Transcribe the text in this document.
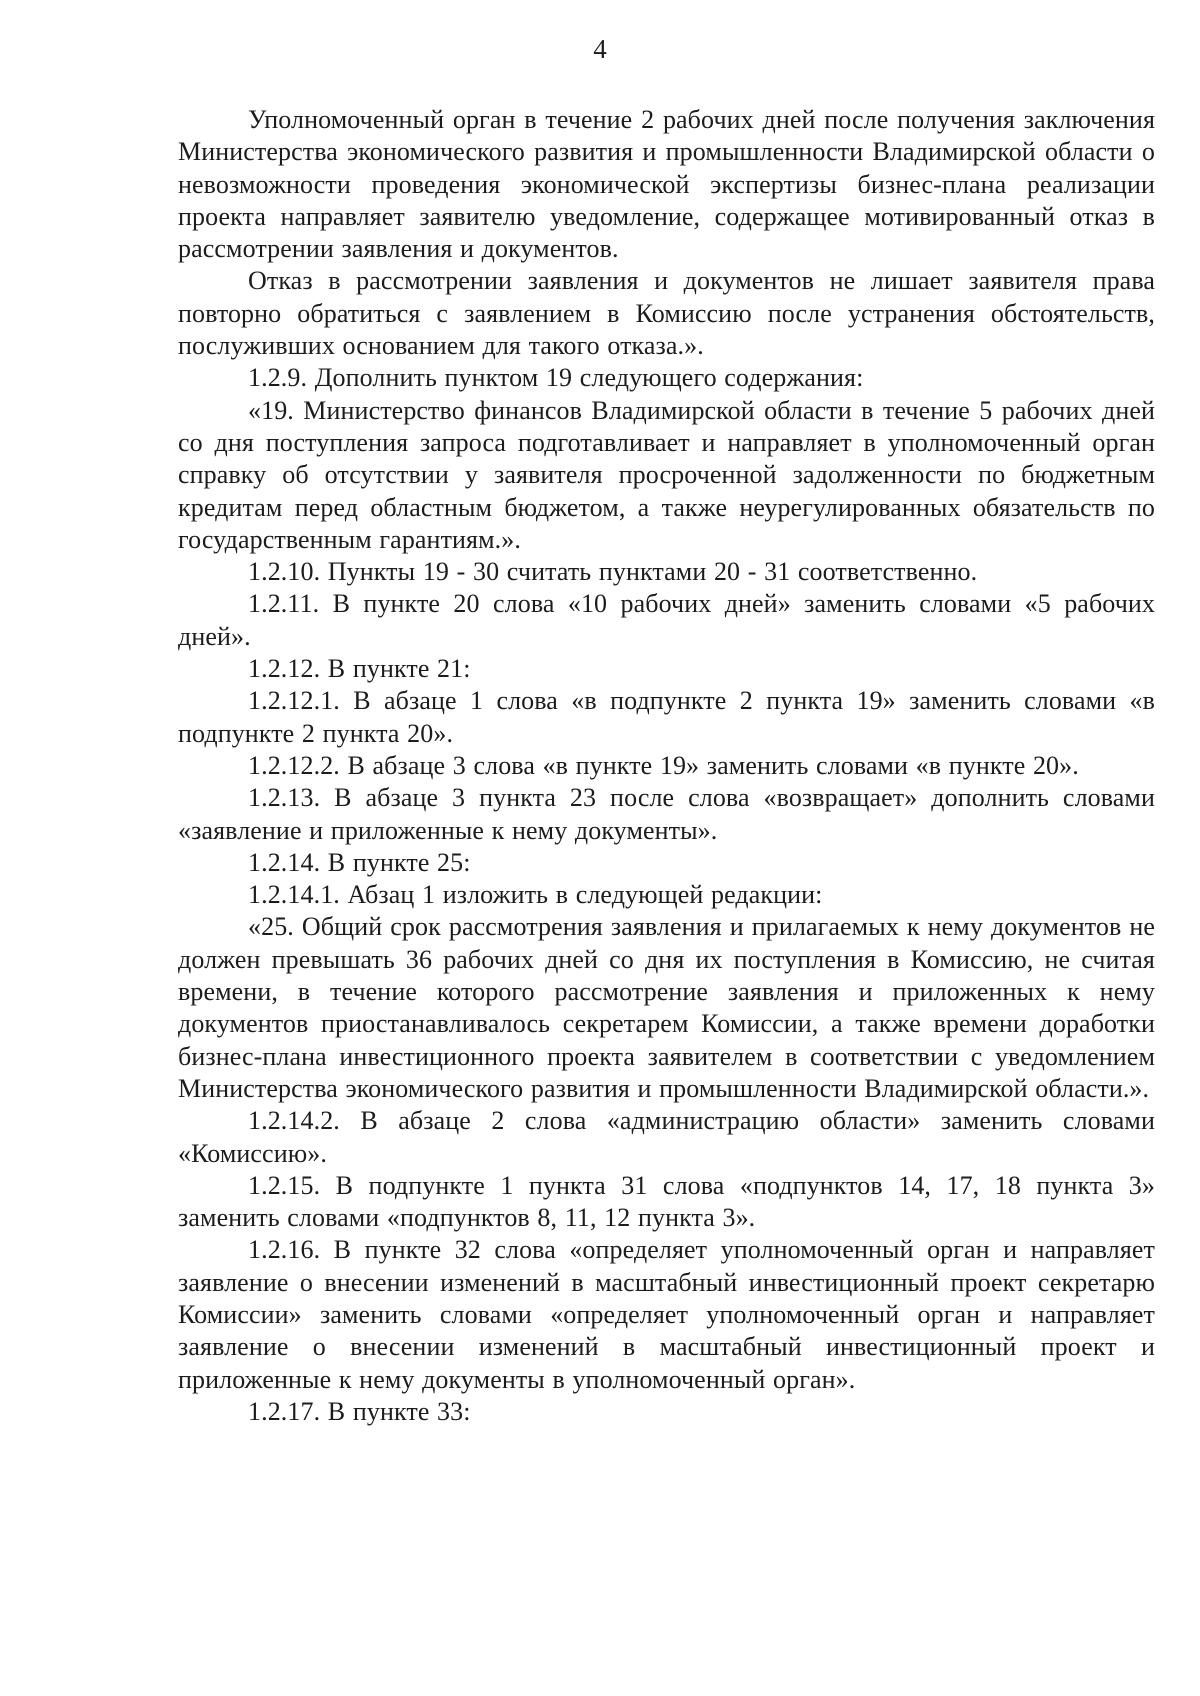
4

Уполномоченный орган в течение 2 рабочих дней после получения заключения Министерства экономического развития и промышленности Владимирской области о невозможности проведения экономической экспертизы бизнес-плана реализации проекта направляет заявителю уведомление, содержащее мотивированный отказ в рассмотрении заявления и документов.

Отказ в рассмотрении заявления и документов не лишает заявителя права повторно обратиться с заявлением в Комиссию после устранения обстоятельств, послуживших основанием для такого отказа.».

1.2.9. Дополнить пунктом 19 следующего содержания:

«19. Министерство финансов Владимирской области в течение 5 рабочих дней со дня поступления запроса подготавливает и направляет в уполномоченный орган справку об отсутствии у заявителя просроченной задолженности по бюджетным кредитам перед областным бюджетом, а также неурегулированных обязательств по государственным гарантиям.».

1.2.10. Пункты 19 - 30 считать пунктами 20 - 31 соответственно.

1.2.11. В пункте 20 слова «10 рабочих дней» заменить словами «5 рабочих дней».

1.2.12. В пункте 21:

1.2.12.1. В абзаце 1 слова «в подпункте 2 пункта 19» заменить словами «в подпункте 2 пункта 20».

1.2.12.2. В абзаце 3 слова «в пункте 19» заменить словами «в пункте 20».

1.2.13. В абзаце 3 пункта 23 после слова «возвращает» дополнить словами «заявление и приложенные к нему документы».

1.2.14. В пункте 25:

1.2.14.1. Абзац 1 изложить в следующей редакции:

«25. Общий срок рассмотрения заявления и прилагаемых к нему документов не должен превышать 36 рабочих дней со дня их поступления в Комиссию, не считая времени, в течение которого рассмотрение заявления и приложенных к нему документов приостанавливалось секретарем Комиссии, а также времени доработки бизнес-плана инвестиционного проекта заявителем в соответствии с уведомлением Министерства экономического развития и промышленности Владимирской области.».

1.2.14.2. В абзаце 2 слова «администрацию области» заменить словами «Комиссию».

1.2.15. В подпункте 1 пункта 31 слова «подпунктов 14, 17, 18 пункта 3» заменить словами «подпунктов 8, 11, 12 пункта 3».

1.2.16. В пункте 32 слова «определяет уполномоченный орган и направляет заявление о внесении изменений в масштабный инвестиционный проект секретарю Комиссии» заменить словами «определяет уполномоченный орган и направляет заявление о внесении изменений в масштабный инвестиционный проект и приложенные к нему документы в уполномоченный орган».

1.2.17. В пункте 33:
